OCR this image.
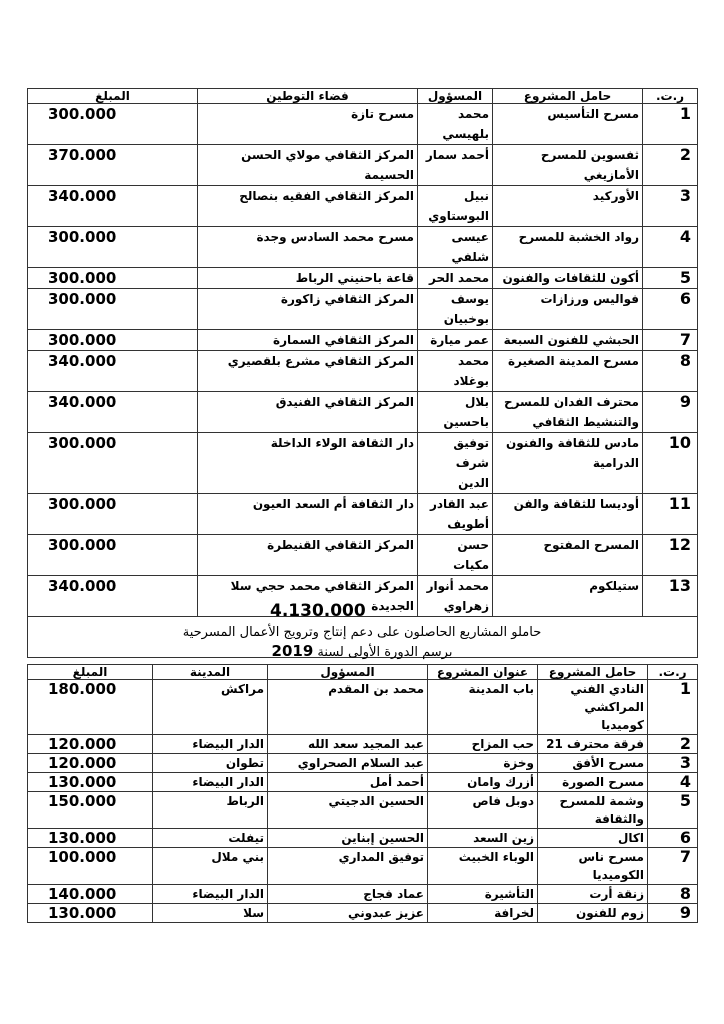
ر.ت.	حامل المشروع	المسؤول	فضاء التوطين	المبلغ
1	مسرح التأسيس	محمد بلهيسي	مسرح تازة	300.000
2	ثفسوين للمسرح الأمازيغي	أحمد سمار	المركز الثقافي مولاي الحسن الحسيمة	370.000
3	الأوركيد	نبيل البوستاوي	المركز الثقافي الفقيه بنصالح	340.000
4	رواد الخشبة للمسرح	عيسى شلفي	مسرح محمد السادس وجدة	300.000
5	أكون للثقافات والفنون	محمد الحر	قاعة باحنيني الرباط	300.000
6	فواليس ورزازات	يوسف بوخبيان	المركز الثقافي زاكورة	300.000
7	الحبشي للفنون السبعة	عمر ميارة	المركز الثقافي السمارة	300.000
8	مسرح المدينة الصغيرة	محمد بوغلاد	المركز الثقافي مشرع بلقصيري	340.000
9	محترف الفدان للمسرح والتنشيط الثقافي	بلال باحسين	المركز الثقافي الفنيدق	340.000
10	مادس للثقافة والفنون الدرامية	توفيق شرف الدين	دار الثقافة الولاء الداخلة	300.000
11	أوديسا للثقافة والفن	عبد القادر أطويف	دار الثقافة أم السعد العيون	300.000
12	المسرح المفتوح	حسن مكيات	المركز الثقافي القنيطرة	300.000
13	ستيلكوم	محمد أنوار زهراوي	المركز الثقافي محمد حجي سلا الجديدة	340.000

4.130.000
حاملو المشاريع الحاصلون على دعم إنتاج وترويج الأعمال المسرحية
برسم الدورة الأولى لسنة 2019
ر.ت.	حامل المشروع	عنوان المشروع	المسؤول	المدينة	المبلغ
1	النادي الفني المراكشي كوميديا	باب المدينة	محمد بن المقدم	مراكش	180.000
2	فرقة محترف 21	حب المزاح	عبد المجيد سعد الله	الدار البيضاء	120.000
3	مسرح الأفق	وخزة	عبد السلام الصحراوي	تطوان	120.000
4	مسرح الصورة	أزرك وامان	أحمد أمل	الدار البيضاء	130.000
5	وشمة للمسرح والثقافة	دوبل فاص	الحسين الدجيتي	الرباط	150.000
6	اكال	زين السعد	الحسين إبناين	تيفلت	130.000
7	مسرح ناس الكوميديا	الوباء الخبيث	توفيق المداري	بني ملال	100.000
8	زنقة أرت	التأشيرة	عماد فجاج	الدار البيضاء	140.000
9	زوم للفنون	لخرافة	عزيز عبدوني	سلا	130.000
